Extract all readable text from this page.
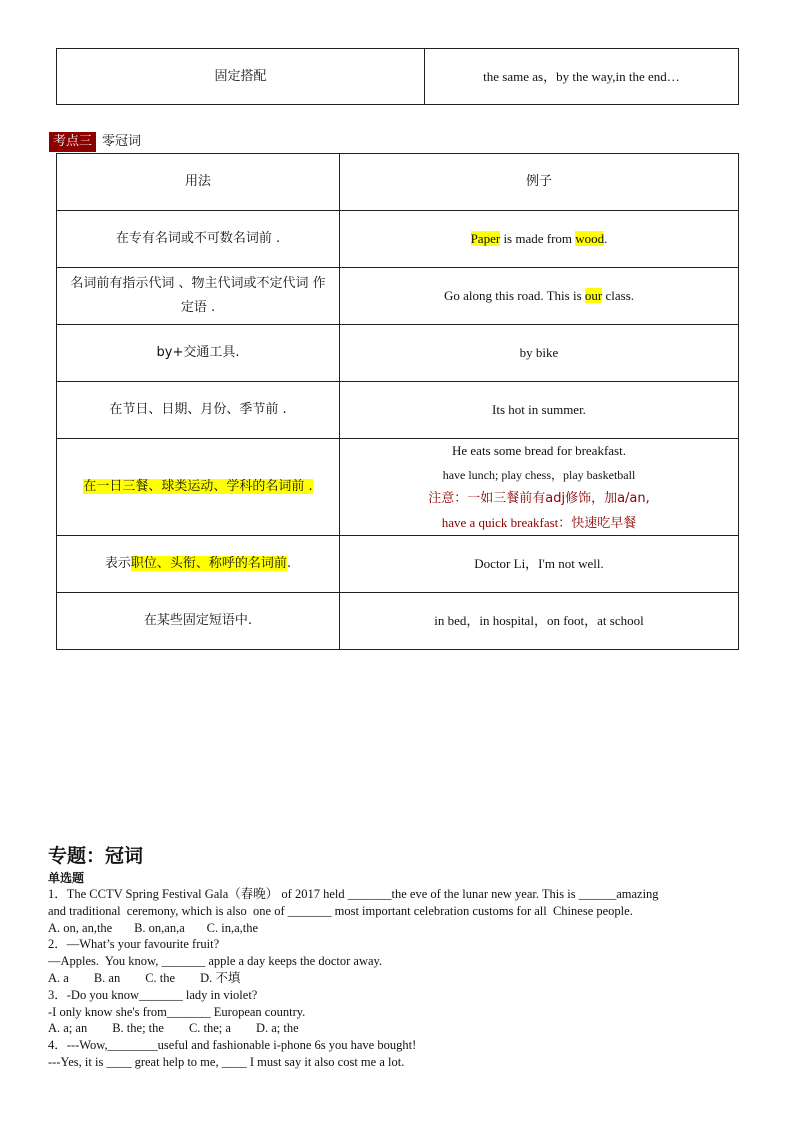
固定搭配	the same as，by the way,in the end…
考点三 零冠词
用法	例子
在专有名词或不可数名词前 .	Paper is made from wood.

名词前有指示代词 、物主代词或不定代词 作
定语 .	Go along this road. This is our class.
by+交通工具.	by bike
在节日、日期、月份、季节前 .	Its hot in summer.
在一日三餐、球类运动、学科的名词前 .	He eats some bread for breakfast.
have lunch; play chess，play basketball
注意：一如三餐前有adj修饰，加a/an,
have a quick breakfast：快速吃早餐

表示职位、头衔、称呼的名词前.	Doctor Li，I'm not well.
在某些固定短语中.	in bed，in hospital，on foot，at school

专题：冠词

单选题

1．The CCTV Spring Festival Gala（春晚） of 2017 held _______the eve of the lunar new year. This is ______amazing

and traditional  ceremony, which is also  one of _______ most important celebration customs for all  Chinese people.

A. on, an,the       B. on,an,a       C. in,a,the

2．—What’s your favourite fruit?

—Apples.  You know, _______ apple a day keeps the doctor away.

A. a        B. an        C. the        D. 不填

3．-Do you know_______ lady in violet?

-I only know she's from_______ European country.

A. a; an        B. the; the        C. the; a        D. a; the

4．---Wow,________useful and fashionable i-phone 6s you have bought!

---Yes, it is ____ great help to me, ____ I must say it also cost me a lot.
